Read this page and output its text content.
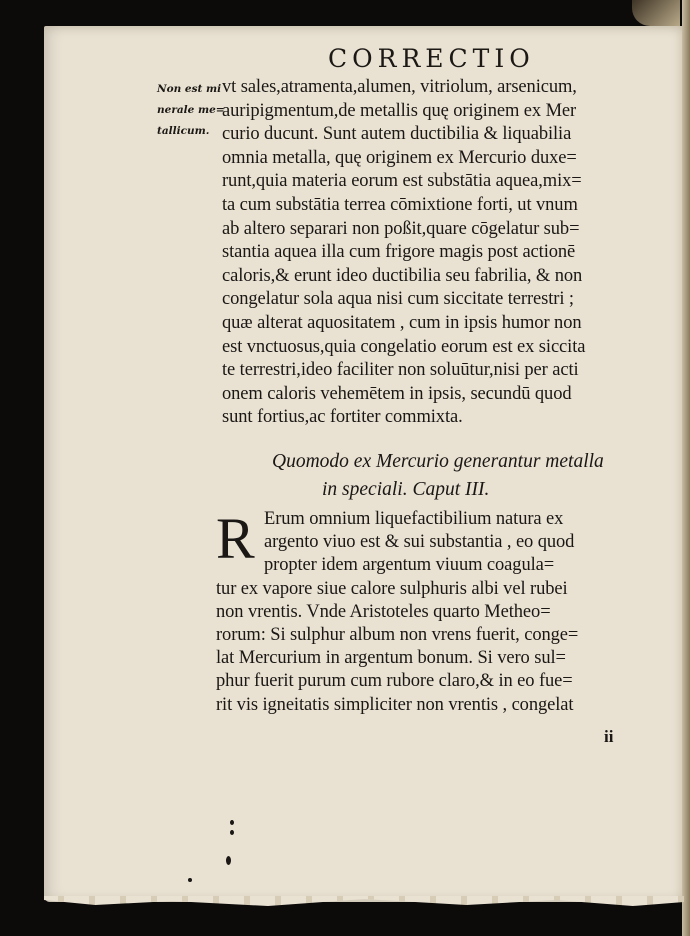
CORRECTIO
Non est mi
nerale me=
tallicum.
vt sales,atramenta,alumen, vitriolum, arsenicum,
auripigmentum,de metallis quę originem ex Mer
curio ducunt. Sunt autem ductibilia & liquabilia
omnia metalla, quę originem ex Mercurio duxe=
runt,quia materia eorum est substātia aquea,mix=
ta cum substātia terrea cōmixtione forti, ut vnum
ab altero separari non poßit,quare cōgelatur sub=
stantia aquea illa cum frigore magis post actionē
caloris,& erunt ideo ductibilia seu fabrilia, & non
congelatur sola aqua nisi cum siccitate terrestri ;
quæ alterat aquositatem , cum in ipsis humor non
est vnctuosus,quia congelatio eorum est ex siccita
te terrestri,ideo faciliter non soluūtur,nisi per acti
onem caloris vehemētem in ipsis, secundū quod
sunt fortius,ac fortiter commixta.
Quomodo ex Mercurio generantur metalla
in speciali. Caput III.
R Erum omnium liquefactibilium natura ex
argento viuo est & sui substantia , eo quod
propter idem argentum viuum coagula=
tur ex vapore siue calore sulphuris albi vel rubei
non vrentis. Vnde Aristoteles quarto Metheo=
rorum: Si sulphur album non vrens fuerit, conge=
lat Mercurium in argentum bonum. Si vero sul=
phur fuerit purum cum rubore claro,& in eo fue=
rit vis igneitatis simpliciter non vrentis , congelat
ii
